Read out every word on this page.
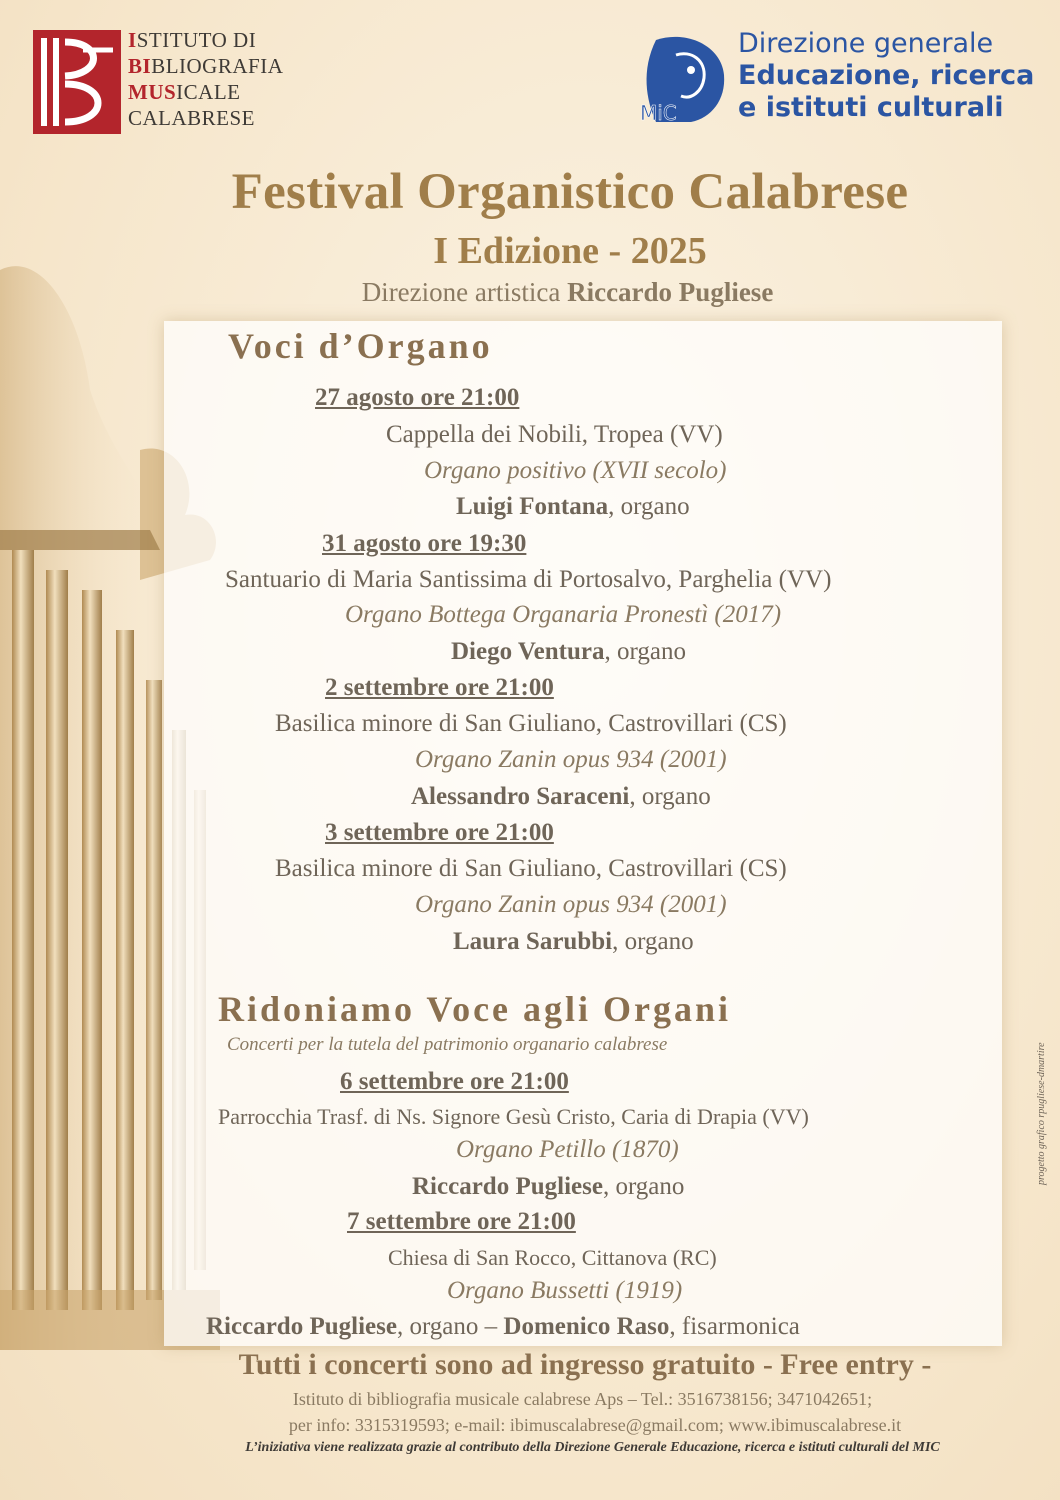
ISTITUTO DI
BIBLIOGRAFIA
MUSICALE
CALABRESE	MiC
Direzione generale
Educazione, ricerca
e istituti culturali
Festival Organistico Calabrese
I Edizione - 2025
Direzione artistica Riccardo Pugliese
Voci d’Organo
27 agosto ore 21:00
Cappella dei Nobili, Tropea (VV)
Organo positivo (XVII secolo)
Luigi Fontana, organo
31 agosto ore 19:30
Santuario di Maria Santissima di Portosalvo, Parghelia (VV)
Organo Bottega Organaria Pronestì (2017)
Diego Ventura, organo
2 settembre ore 21:00
Basilica minore di San Giuliano, Castrovillari (CS)
Organo Zanin opus 934 (2001)
Alessandro Saraceni, organo
3 settembre ore 21:00
Basilica minore di San Giuliano, Castrovillari (CS)
Organo Zanin opus 934 (2001)
Laura Sarubbi, organo
Ridoniamo Voce agli Organi
Concerti per la tutela del patrimonio organario calabrese
6 settembre ore 21:00
Parrocchia Trasf. di Ns. Signore Gesù Cristo, Caria di Drapia (VV)
Organo Petillo (1870)
Riccardo Pugliese, organo
7 settembre ore 21:00
Chiesa di San Rocco, Cittanova (RC)
Organo Bussetti (1919)
Riccardo Pugliese, organo – Domenico Raso, fisarmonica
Tutti i concerti sono ad ingresso gratuito - Free entry -
Istituto di bibliografia musicale calabrese Aps – Tel.: 3516738156; 3471042651;
per info: 3315319593; e-mail: ibimuscalabrese@gmail.com; www.ibimuscalabrese.it
L’iniziativa viene realizzata grazie al contributo della Direzione Generale Educazione, ricerca e istituti culturali del MIC
progetto grafico rpugliese-dmartire
